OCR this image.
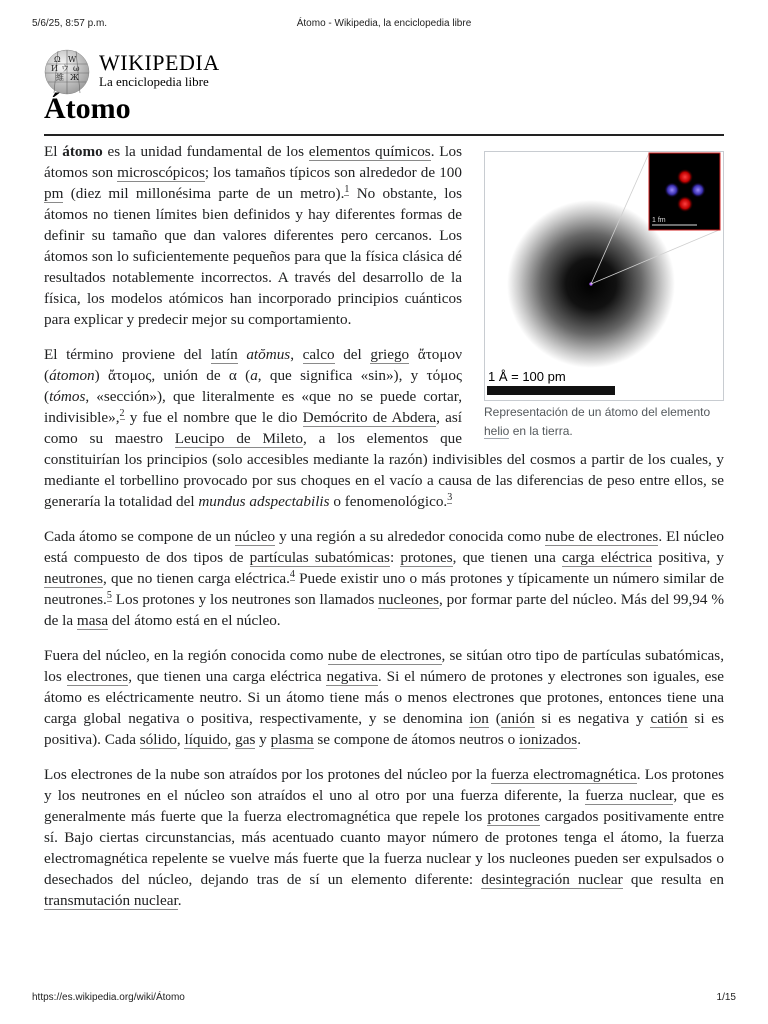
5/6/25, 8:57 p.m.	Átomo - Wikipedia, la enciclopedia libre
Ω W
И ウ ω
維 Ж
WIKIPEDIA
La enciclopedia libre
Átomo
1 fm
1 Å = 100 pm
Representación de un átomo del elemento helio en la tierra.

El átomo es la unidad fundamental de los elementos químicos. Los átomos son microscópicos; los tamaños típicos son alrededor de 100 pm (diez mil millonésima parte de un metro).$^1$ No obstante, los átomos no tienen límites bien definidos y hay diferentes formas de definir su tamaño que dan valores diferentes pero cercanos. Los átomos son lo suficientemente pequeños para que la física clásica dé resultados notablemente incorrectos. A través del desarrollo de la física, los modelos atómicos han incorporado principios cuánticos para explicar y predecir mejor su comportamiento.

El término proviene del latín atŏmus, calco del griego ἄτομον (átomon) ἄτομος, unión de α (a, que significa «sin»), y τόμος (tómos, «sección»), que literalmente es «que no se puede cortar, indivisible»,$^2$ y fue el nombre que le dio Demócrito de Abdera, así como su maestro Leucipo de Mileto, a los elementos que constituirían los principios (solo accesibles mediante la razón) indivisibles del cosmos a partir de los cuales, y mediante el torbellino provocado por sus choques en el vacío a causa de las diferencias de peso entre ellos, se generaría la totalidad del mundus adspectabilis o fenomenológico.$^3$

Cada átomo se compone de un núcleo y una región a su alrededor conocida como nube de electrones. El núcleo está compuesto de dos tipos de partículas subatómicas: protones, que tienen una carga eléctrica positiva, y neutrones, que no tienen carga eléctrica.$^4$ Puede existir uno o más protones y típicamente un número similar de neutrones.$^5$ Los protones y los neutrones son llamados nucleones, por formar parte del núcleo. Más del 99,94 % de la masa del átomo está en el núcleo.

Fuera del núcleo, en la región conocida como nube de electrones, se sitúan otro tipo de partículas subatómicas, los electrones, que tienen una carga eléctrica negativa. Si el número de protones y electrones son iguales, ese átomo es eléctricamente neutro. Si un átomo tiene más o menos electrones que protones, entonces tiene una carga global negativa o positiva, respectivamente, y se denomina ion (anión si es negativa y catión si es positiva). Cada sólido, líquido, gas y plasma se compone de átomos neutros o ionizados.

Los electrones de la nube son atraídos por los protones del núcleo por la fuerza electromagnética. Los protones y los neutrones en el núcleo son atraídos el uno al otro por una fuerza diferente, la fuerza nuclear, que es generalmente más fuerte que la fuerza electromagnética que repele los protones cargados positivamente entre sí. Bajo ciertas circunstancias, más acentuado cuanto mayor número de protones tenga el átomo, la fuerza electromagnética repelente se vuelve más fuerte que la fuerza nuclear y los nucleones pueden ser expulsados o desechados del núcleo, dejando tras de sí un elemento diferente: desintegración nuclear que resulta en transmutación nuclear.

https://es.wikipedia.org/wiki/Átomo	1/15
